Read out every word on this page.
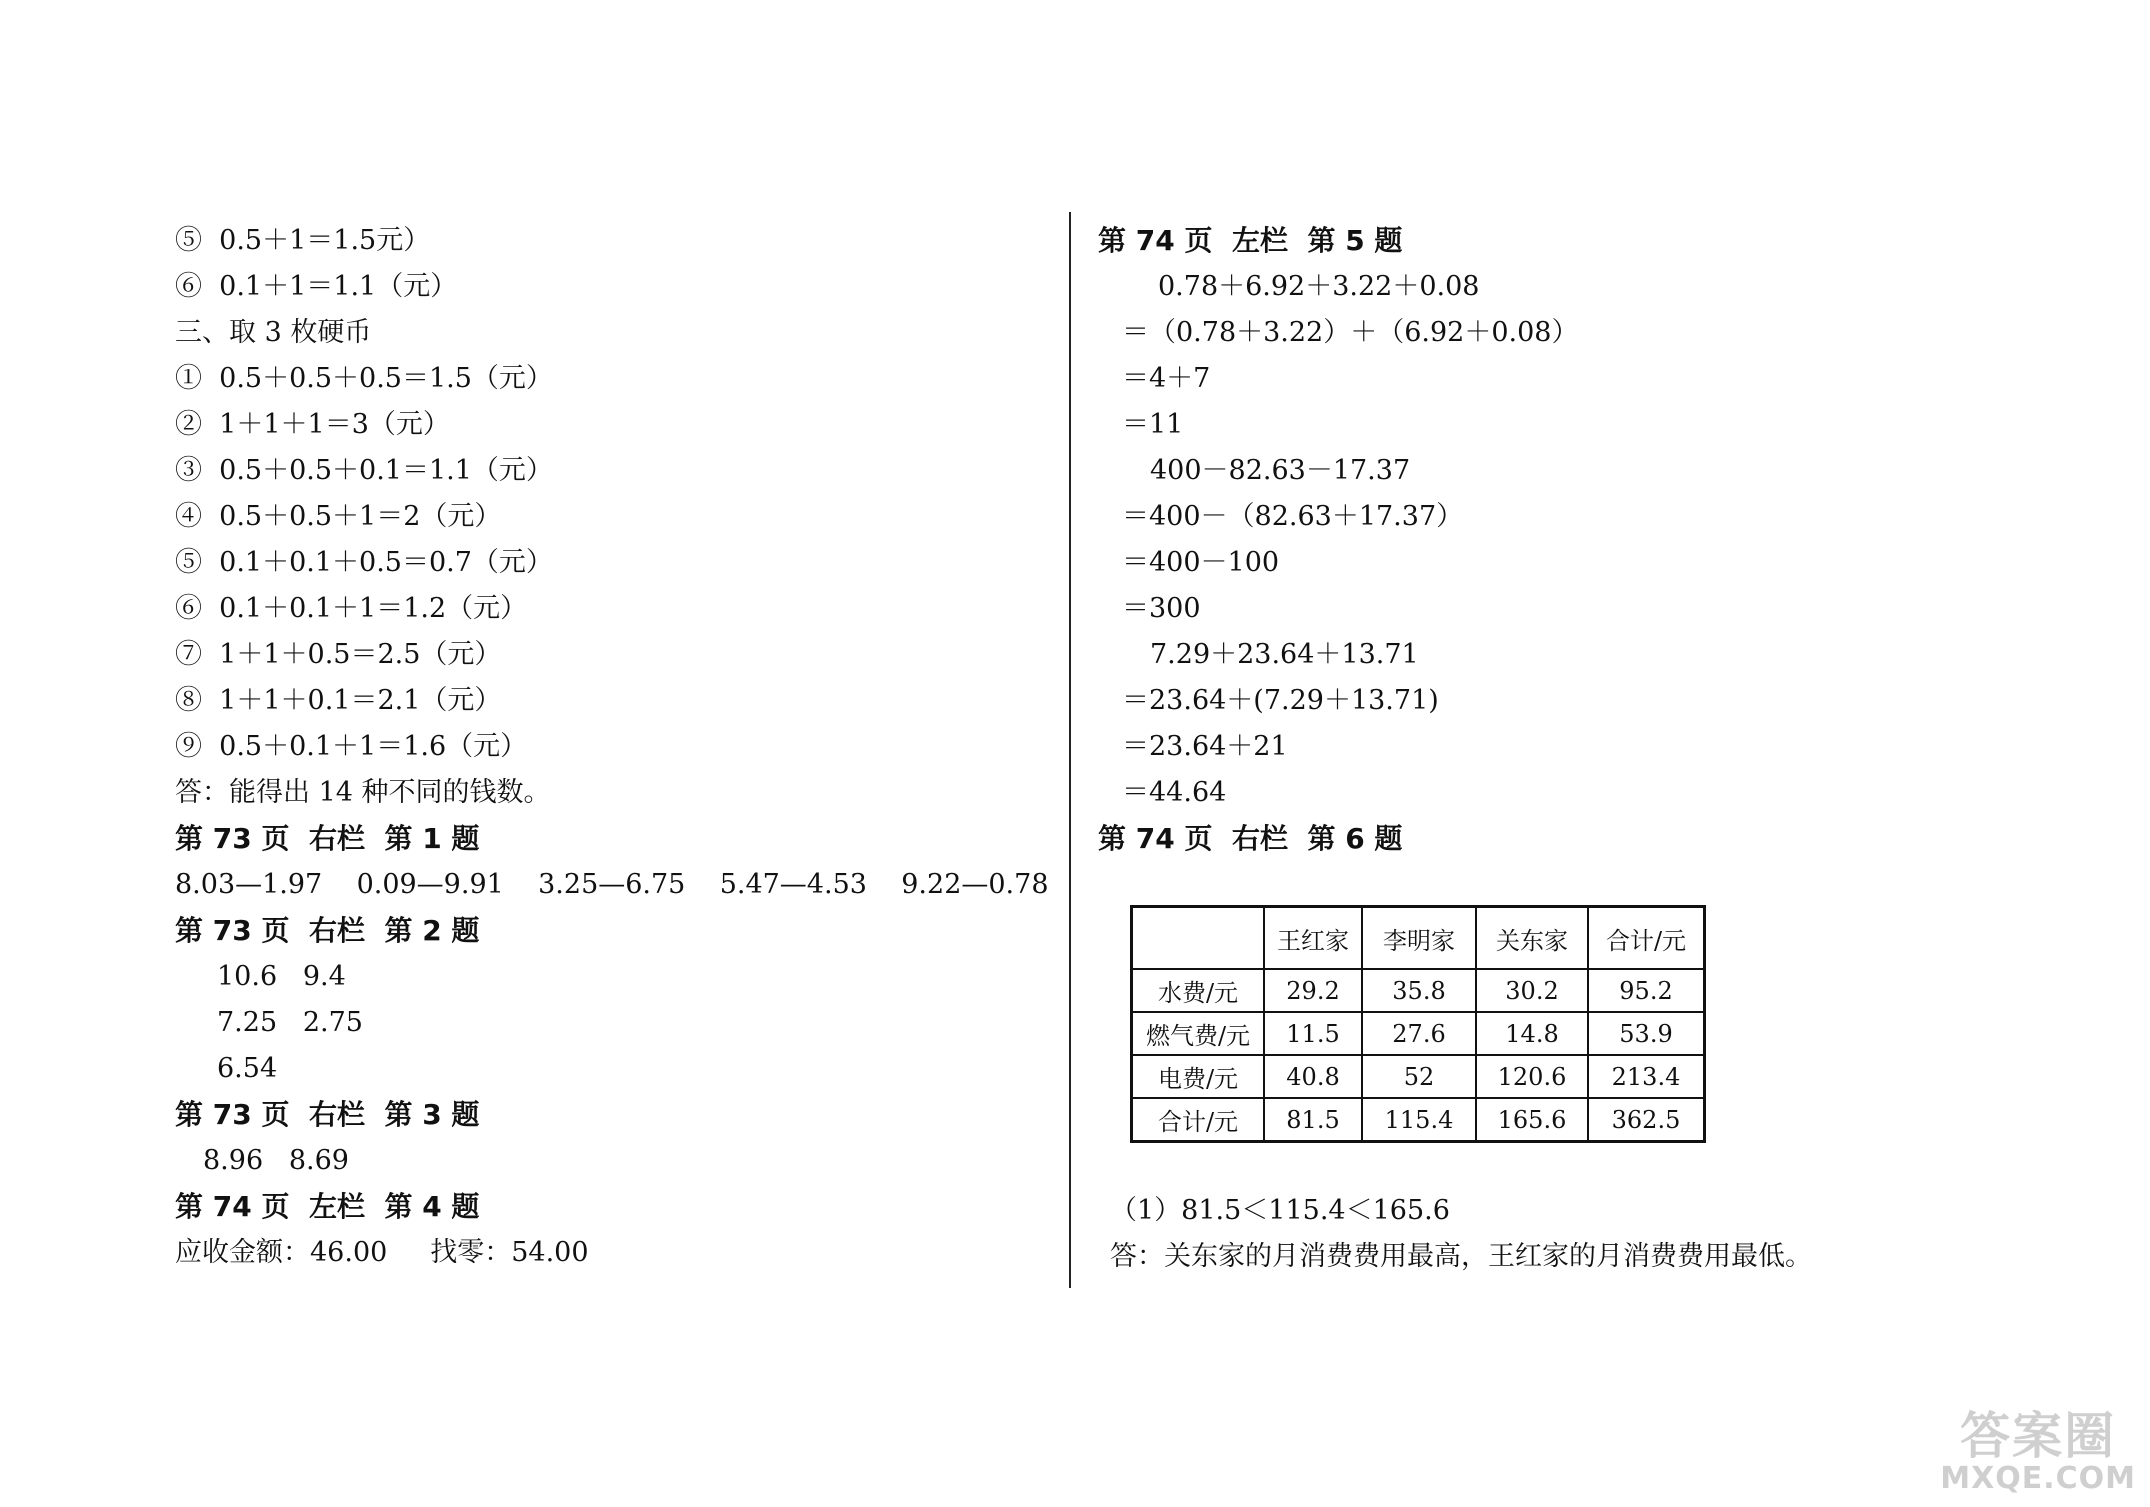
⑤  0.5＋1＝1.5元）
⑥  0.1＋1＝1.1（元）
三、取 3 枚硬币
①  0.5＋0.5＋0.5＝1.5（元）
②  1＋1＋1＝3（元）
③  0.5＋0.5＋0.1＝1.1（元）
④  0.5＋0.5＋1＝2（元）
⑤  0.1＋0.1＋0.5＝0.7（元）
⑥  0.1＋0.1＋1＝1.2（元）
⑦  1＋1＋0.5＝2.5（元）
⑧  1＋1＋0.1＝2.1（元）
⑨  0.5＋0.1＋1＝1.6（元）
答：能得出 14 种不同的钱数。
第 73 页  右栏  第 1 题
8.03—1.97    0.09—9.91    3.25—6.75    5.47—4.53    9.22—0.78
第 73 页  右栏  第 2 题
10.6   9.4
7.25   2.75
6.54
第 73 页  右栏  第 3 题
8.96   8.69
第 74 页  左栏  第 4 题
应收金额：46.00     找零：54.00
第 74 页  左栏  第 5 题
0.78＋6.92＋3.22＋0.08
＝（0.78＋3.22）＋（6.92＋0.08）
＝4＋7
＝11
400－82.63－17.37
＝400－（82.63＋17.37）
＝400－100
＝300
7.29＋23.64＋13.71
＝23.64＋(7.29＋13.71)
＝23.64＋21
＝44.64
第 74 页  右栏  第 6 题
	王红家	李明家	关东家	合计/元
水费/元	29.2	35.8	30.2	95.2
燃气费/元	11.5	27.6	14.8	53.9
电费/元	40.8	52	120.6	213.4
合计/元	81.5	115.4	165.6	362.5
（1）81.5＜115.4＜165.6
答：关东家的月消费费用最高，王红家的月消费费用最低。
答案圈
MXQE.COM
